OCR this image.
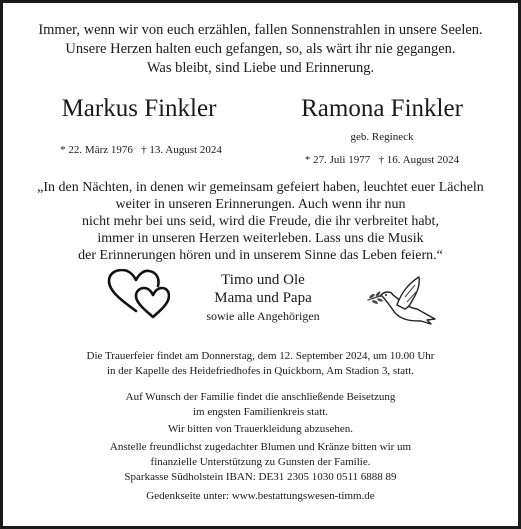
Immer, wenn wir von euch erzählen, fallen Sonnenstrahlen in unsere Seelen.
Unsere Herzen halten euch gefangen, so, als wärt ihr nie gegangen.
Was bleibt, sind Liebe und Erinnerung.
Markus Finkler	Ramona Finkler
* 22. März 1976 † 13. August 2024
geb. Regineck
* 27. Juli 1977 † 16. August 2024
„In den Nächten, in denen wir gemeinsam gefeiert haben, leuchtet euer Lächeln
weiter in unseren Erinnerungen. Auch wenn ihr nun
nicht mehr bei uns seid, wird die Freude, die ihr verbreitet habt,
immer in unseren Herzen weiterleben. Lass uns die Musik
der Erinnerungen hören und in unserem Sinne das Leben feiern.“
Timo und Ole
Mama und Papa
sowie alle Angehörigen
Die Trauerfeier findet am Donnerstag, dem 12. September 2024, um 10.00 Uhr
in der Kapelle des Heidefriedhofes in Quickborn, Am Stadion 3, statt.
Auf Wunsch der Familie findet die anschließende Beisetzung
im engsten Familienkreis statt.
Wir bitten von Trauerkleidung abzusehen.
Anstelle freundlichst zugedachter Blumen und Kränze bitten wir um
finanzielle Unterstützung zu Gunsten der Familie.
Sparkasse Südholstein IBAN: DE31 2305 1030 0511 6888 89
Gedenkseite unter: www.bestattungswesen-timm.de
